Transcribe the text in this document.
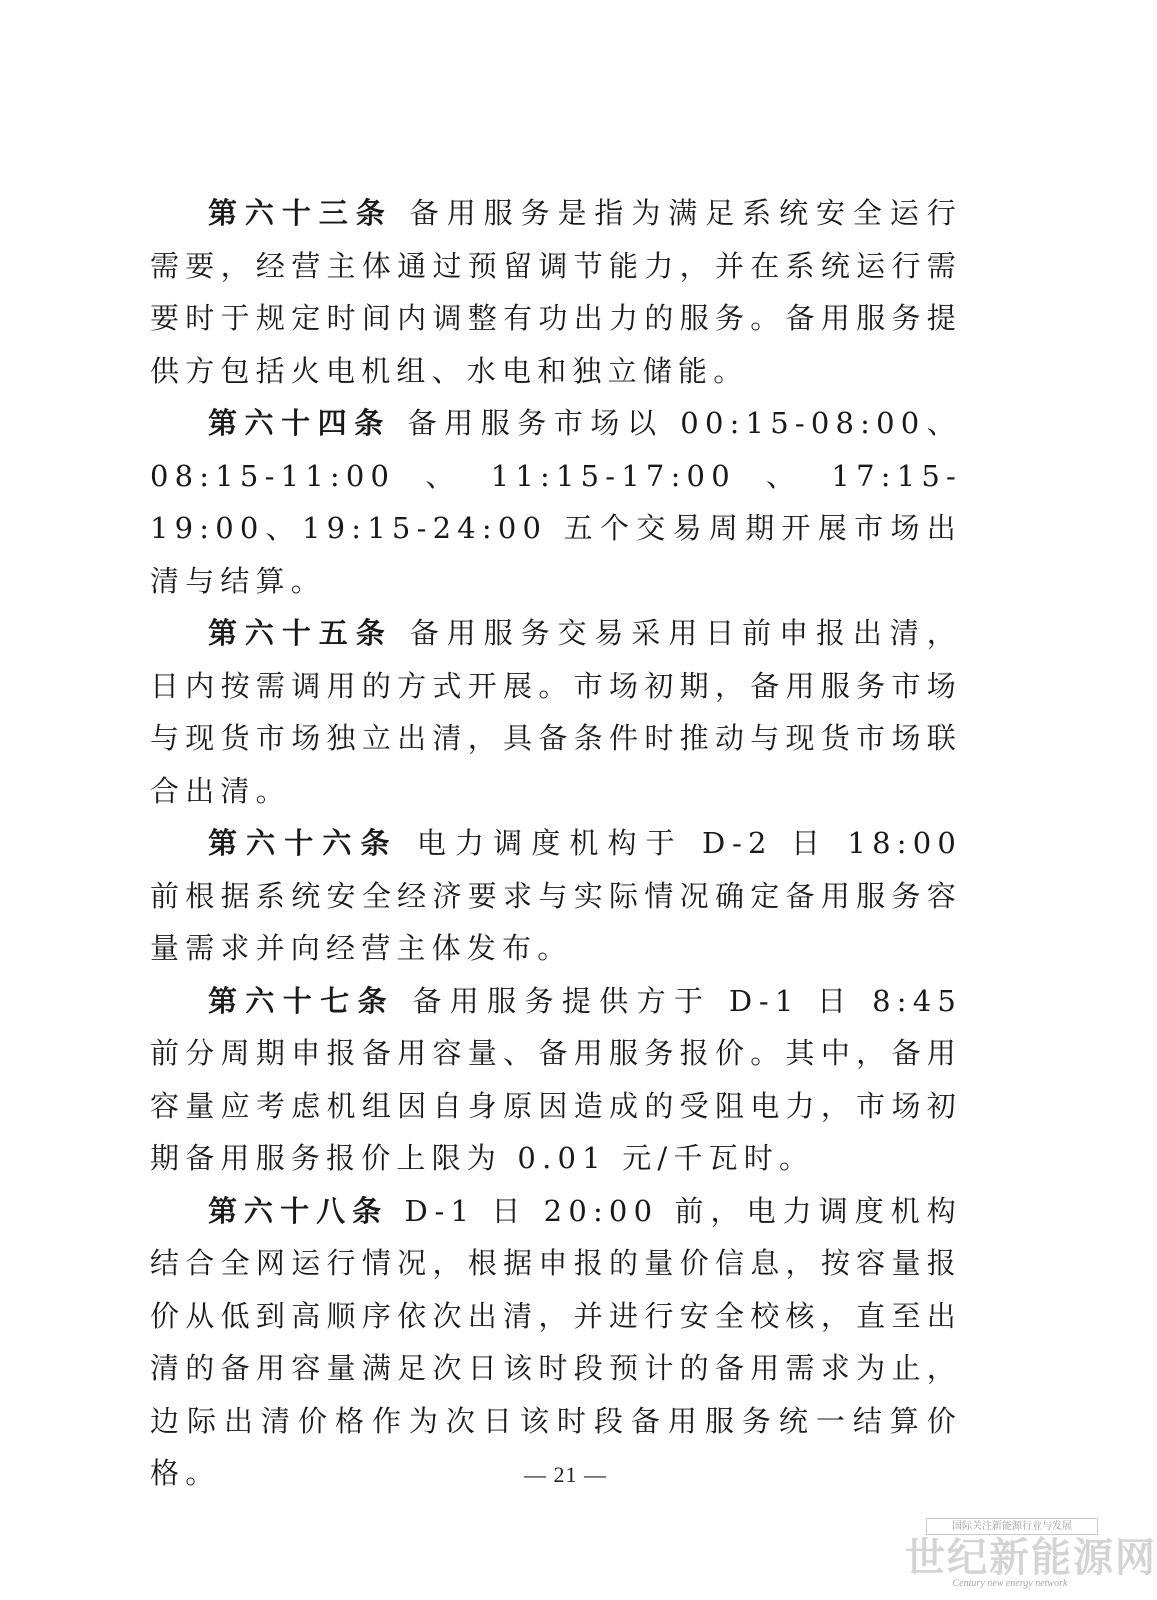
第六十三条 备用服务是指为满足系统安全运行需要，经营主体通过预留调节能力，并在系统运行需要时于规定时间内调整有功出力的服务。备用服务提供方包括火电机组、水电和独立储能。

第六十四条 备用服务市场以 00:15-08:00、08:15-11:00、11:15-17:00、17:15-19:00、19:15-24:00 五个交易周期开展市场出清与结算。

第六十五条 备用服务交易采用日前申报出清，日内按需调用的方式开展。市场初期，备用服务市场与现货市场独立出清，具备条件时推动与现货市场联合出清。

第六十六条 电力调度机构于 D-2 日 18:00 前根据系统安全经济要求与实际情况确定备用服务容量需求并向经营主体发布。

第六十七条 备用服务提供方于 D-1 日 8:45 前分周期申报备用容量、备用服务报价。其中，备用容量应考虑机组因自身原因造成的受阻电力，市场初期备用服务报价上限为 0.01 元/千瓦时。

第六十八条 D-1 日 20:00 前，电力调度机构结合全网运行情况，根据申报的量价信息，按容量报价从低到高顺序依次出清，并进行安全校核，直至出清的备用容量满足次日该时段预计的备用需求为止，边际出清价格作为次日该时段备用服务统一结算价格。	— 21 —
国际关注新能源行业与发展
世纪新能源网
Century new energy network
